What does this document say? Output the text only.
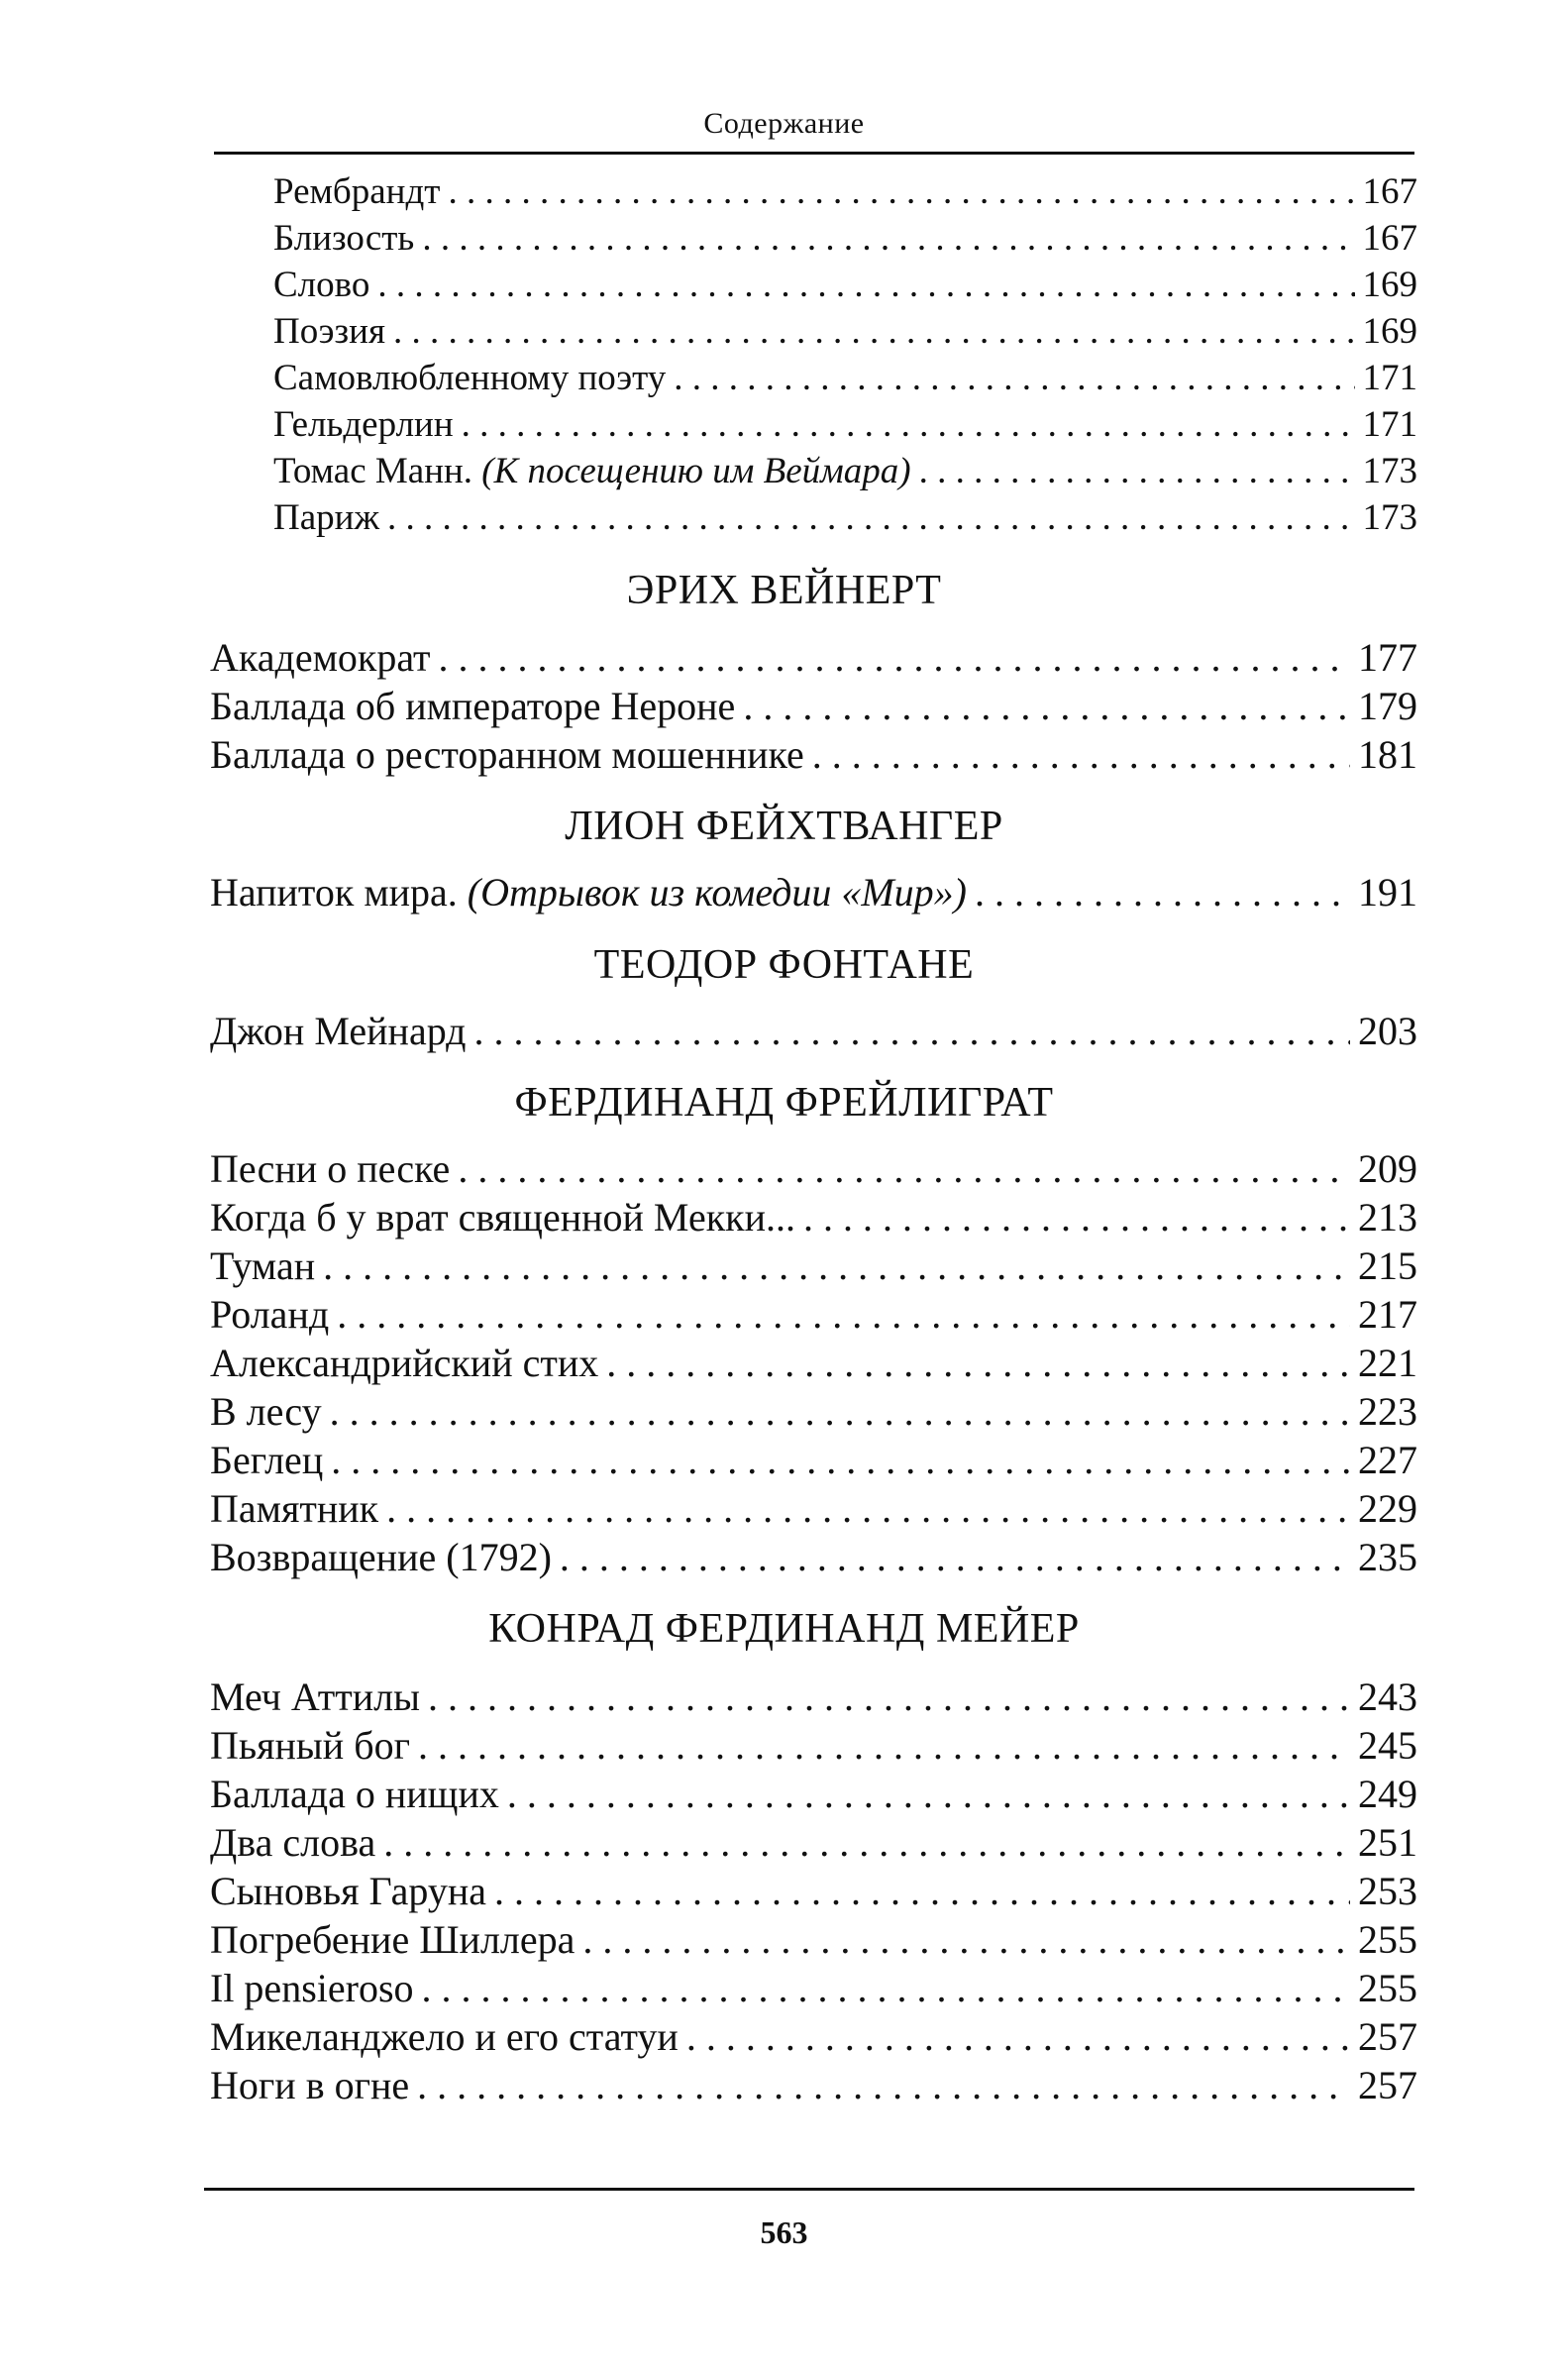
Содержание
Рембрандт . . .	167
Близость . . .	167
Слово . . .	169
Поэзия . . .	169
Самовлюбленному поэту . . .	171
Гельдерлин . . .	171
Томас Манн. (К посещению им Веймара) . . .	173
Париж . . .	173
ЭРИХ ВЕЙНЕРТ
Академократ . . .	177
Баллада об императоре Нероне . . .	179
Баллада о ресторанном мошеннике . . .	181
ЛИОН ФЕЙХТВАНГЕР
Напиток мира. (Отрывок из комедии «Мир») . . .	191
ТЕОДОР ФОНТАНЕ
Джон Мейнард . . .	203
ФЕРДИНАНД ФРЕЙЛИГРАТ
Песни о песке . . .	209
Когда б у врат священной Мекки... . . .	213
Туман . . .	215
Роланд . . .	217
Александрийский стих . . .	221
В лесу . . .	223
Беглец . . .	227
Памятник . . .	229
Возвращение (1792) . . .	235
КОНРАД ФЕРДИНАНД МЕЙЕР
Меч Аттилы . . .	243
Пьяный бог . . .	245
Баллада о нищих . . .	249
Два слова . . .	251
Сыновья Гаруна . . .	253
Погребение Шиллера . . .	255
Il pensieroso . . .	255
Микеланджело и его статуи . . .	257
Ноги в огне . . .	257
563
